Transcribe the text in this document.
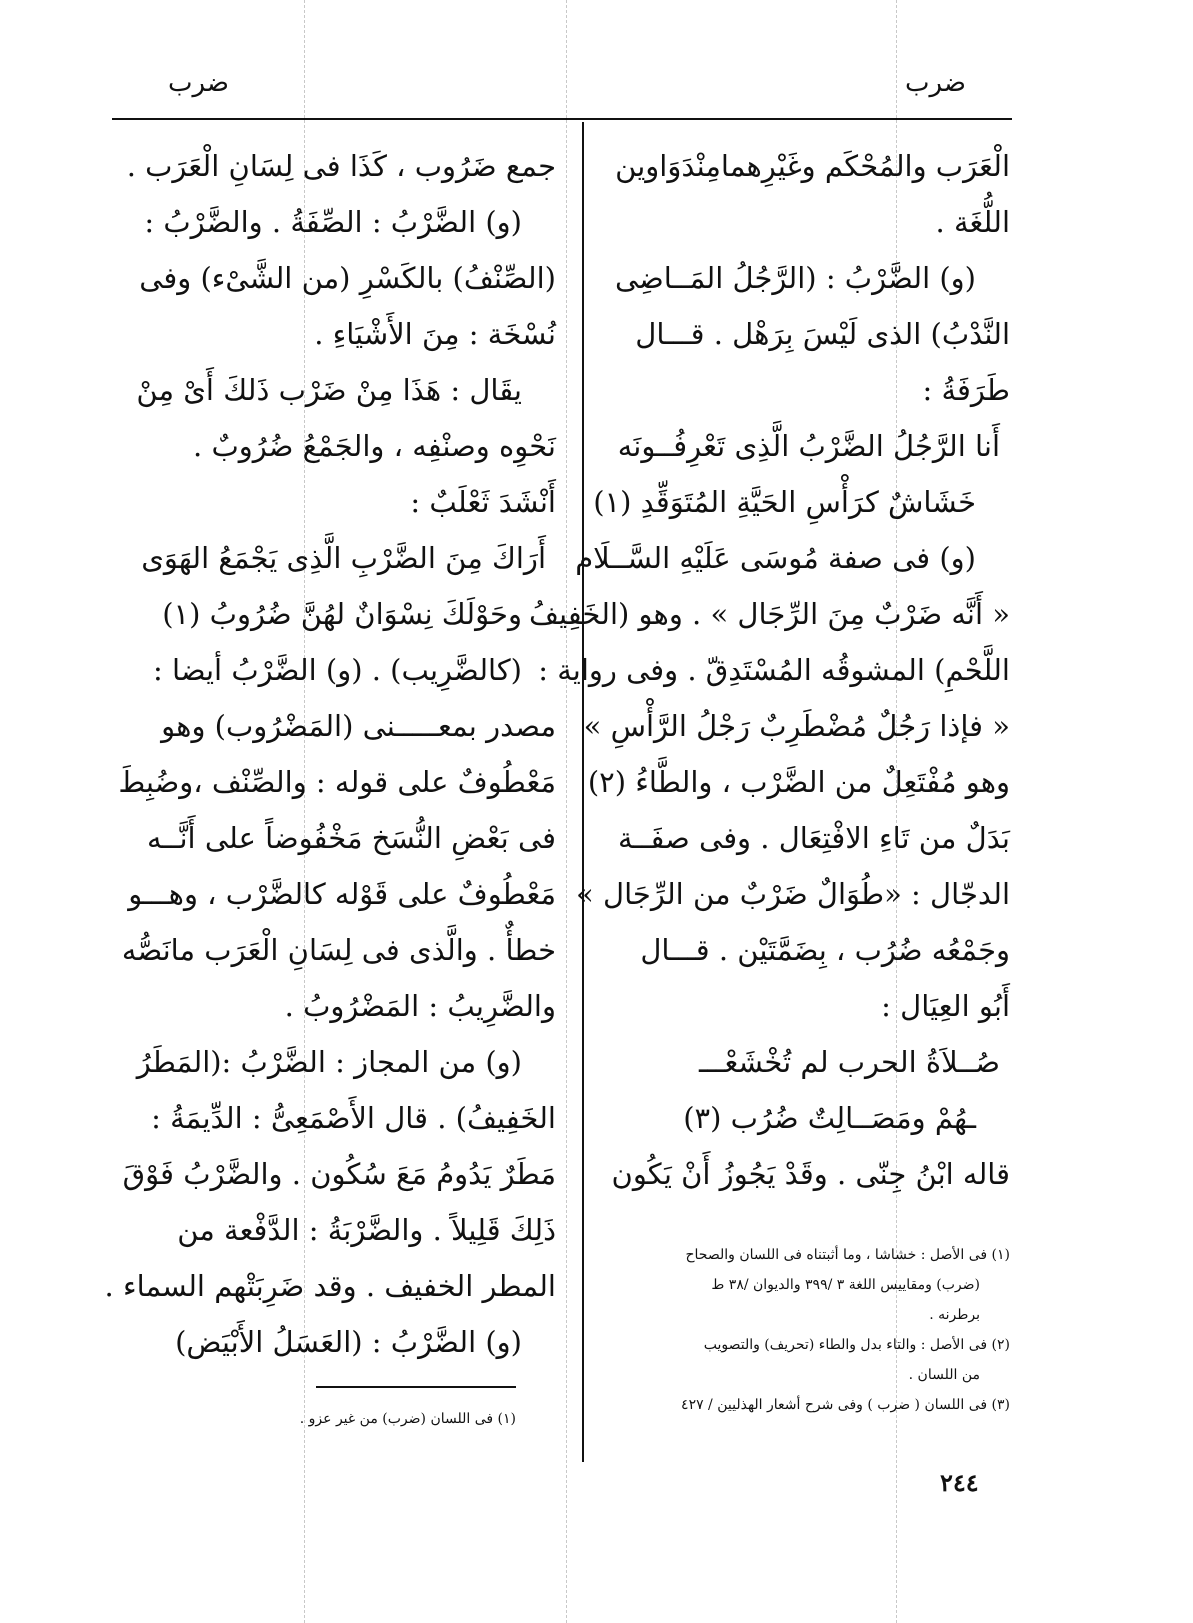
ضرب
ضرب
الْعَرَب والمُحْكَم وغَيْرِهمامِنْدَوَاوين
اللُّغَة .
(و) الضَّرْبُ : (الرَّجُلُ المَــاضِى
النَّدْبُ) الذى لَيْسَ بِرَهْل . قـــال
طَرَفَةُ :
أَنا الرَّجُلُ الضَّرْبُ الَّذِى تَعْرِفُــونَه
خَشَاشٌ كرَأْسِ الحَيَّةِ المُتَوَقِّدِ (١)
(و) فى صفة مُوسَى عَلَيْهِ السَّــلَام
« أَنَّه ضَرْبٌ مِنَ الرِّجَال » . وهو (الخَفِيفُ
اللَّحْمِ) المشوقُه المُسْتَدِقّ . وفى رواية :
« فإذا رَجُلٌ مُضْطَرِبٌ رَجْلُ الرَّأْسِ »
وهو مُفْتَعِلٌ من الضَّرْب ، والطَّاءُ (٢)
بَدَلٌ من تَاءِ الافْتِعَال . وفى صفَــة
الدجّال : «طُوَالٌ ضَرْبٌ من الرِّجَال »
وجَمْعُه ضُرُب ، بِضَمَّتَيْن . قـــال
أَبُو العِيَال :
صُــلاَةُ الحرب لم تُخْشَعْـــ
ـهُمْ ومَصَــالِتٌ ضُرُب (٣)
قاله ابْنُ جِنّى . وقَدْ يَجُوزُ أَنْ يَكُون
(١) فى الأصل : خشاشا ، وما أثبتناه فى اللسان والصحاح
(ضرب) ومقاييس اللغة ٣ /٣٩٩ والديوان /٣٨ ط
برطرنه .
(٢) فى الأصل : والتاء بدل والطاء (تحريف) والتصويب
من اللسان .
(٣) فى اللسان ( ضرب ) وفى شرح أشعار الهذليين / ٤٢٧
جمع ضَرُوب ، كَذَا فى لِسَانِ الْعَرَب .
(و) الضَّرْبُ : الصِّفَةُ . والضَّرْبُ :
(الصِّنْفُ) بالكَسْرِ (من الشَّىْء) وفى
نُسْخَة : مِنَ الأَشْيَاءِ .
يقَال : هَذَا مِنْ ضَرْب ذَلكَ أَىْ مِنْ
نَحْوِه وصنْفِه ، والجَمْعُ ضُرُوبٌ .
أَنْشَدَ ثَعْلَبٌ :
أَرَاكَ مِنَ الضَّرْبِ الَّذِى يَجْمَعُ الهَوَى
وحَوْلَكَ نِسْوَانٌ لهُنَّ ضُرُوبُ (١)
(كالضَّرِيب) . (و) الضَّرْبُ أيضا :
مصدر بمعـــــنى (المَضْرُوب) وهو
مَعْطُوفٌ على قوله : والصِّنْف ،وضُبِطَ
فى بَعْضِ النُّسَخ مَخْفُوضاً على أَنَّــه
مَعْطُوفٌ على قَوْله كالضَّرْب ، وهـــو
خطأٌ . والَّذى فى لِسَانِ الْعَرَب مانَصُّه
والضَّرِيبُ : المَضْرُوبُ .
(و) من المجاز : الضَّرْبُ :(المَطَرُ
الخَفِيفُ) . قال الأَصْمَعِىُّ : الدِّيمَةُ :
مَطَرٌ يَدُومُ مَعَ سُكُون . والضَّرْبُ فَوْقَ
ذَلِكَ قَلِيلاً . والضَّرْبَةُ : الدَّفْعة من
المطر الخفيف . وقد ضَرِبَتْهم السماء .
(و) الضَّرْبُ : (العَسَلُ الأَبْيَض)
(١) فى اللسان (ضرب) من غير عزو .
٢٤٤
